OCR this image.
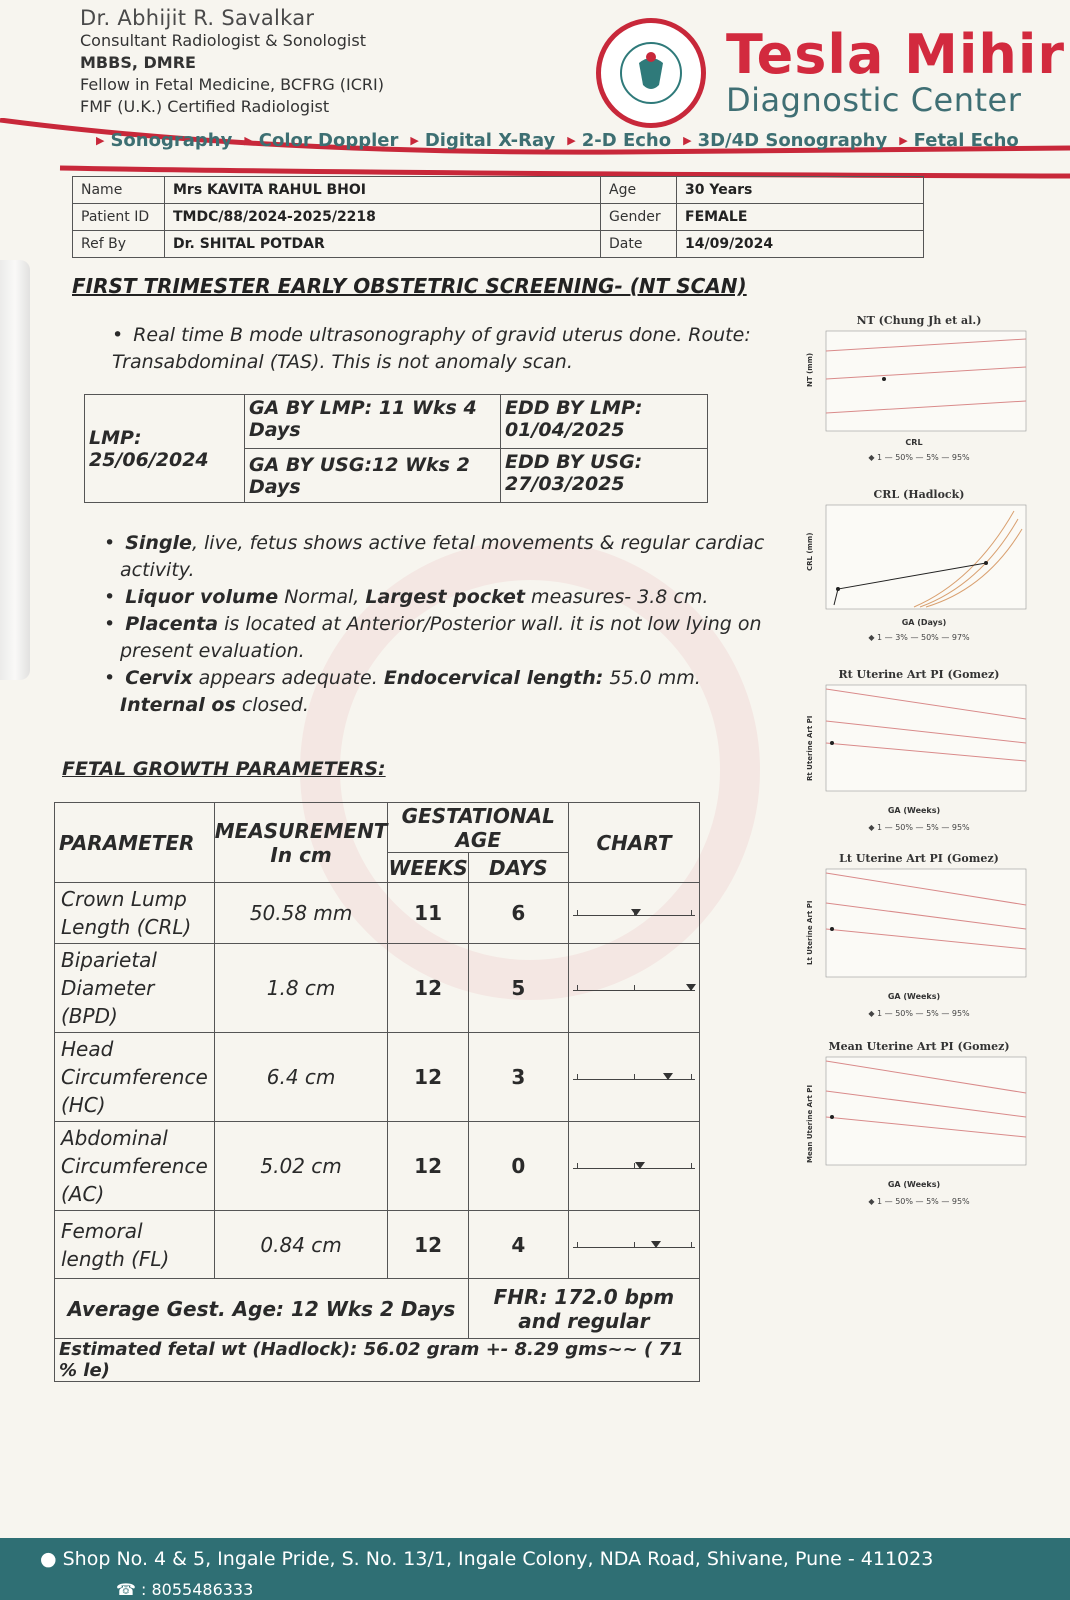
Dr. Abhijit R. Savalkar
Consultant Radiologist & Sonologist
MBBS, DMRE
Fellow in Fetal Medicine, BCFRG (ICRI)
FMF (U.K.) Certified Radiologist
Tesla Mihir
Diagnostic Center
▶ Sonography	▶ Color Doppler	▶ Digital X-Ray	▶ 2-D Echo	▶ 3D/4D Sonography	▶ Fetal Echo
Name	Mrs KAVITA RAHUL BHOI	Age	30 Years
Patient ID	TMDC/88/2024-2025/2218	Gender	FEMALE
Ref By	Dr. SHITAL POTDAR	Date	14/09/2024
FIRST TRIMESTER EARLY OBSTETRIC SCREENING- (NT SCAN)
• Real time B mode ultrasonography of gravid uterus done. Route: Transabdominal (TAS). This is not anomaly scan.
LMP: 25/06/2024	GA BY LMP: 11 Wks 4 Days	EDD BY LMP: 01/04/2025
	GA BY USG:12 Wks 2 Days	EDD BY USG: 27/03/2025
• Single, live, fetus shows active fetal movements & regular cardiac activity.
• Liquor volume Normal, Largest pocket measures- 3.8 cm.
• Placenta is located at Anterior/Posterior wall. it is not low lying on present evaluation.
• Cervix appears adequate. Endocervical length: 55.0 mm. Internal os closed.
FETAL GROWTH PARAMETERS:
PARAMETER	MEASUREMENT In cm	GESTATIONAL AGE		CHART
		WEEKS	DAYS	
Crown Lump Length (CRL)	50.58 mm	11	6	

Biparietal Diameter (BPD)	1.8 cm	12	5	

Head Circumference (HC)	6.4 cm	12	3	

Abdominal Circumference (AC)	5.02 cm	12	0	

Femoral length (FL)	0.84 cm	12	4	

Average Gest. Age: 12 Wks 2 Days			FHR: 172.0 bpm and regular	
Estimated fetal wt (Hadlock): 56.02 gram +- 8.29 gms~~ ( 71 % le)				
NT (Chung Jh et al.)
NT (mm)
CRL
◆ 1 — 50% — 5% — 95%
CRL (Hadlock)
CRL (mm)
GA (Days)
◆ 1 — 3% — 50% — 97%
Rt Uterine Art PI (Gomez)
Rt Uterine Art PI
GA (Weeks)
◆ 1 — 50% — 5% — 95%
Lt Uterine Art PI (Gomez)
Lt Uterine Art PI
GA (Weeks)
◆ 1 — 50% — 5% — 95%
Mean Uterine Art PI (Gomez)
Mean Uterine Art PI
GA (Weeks)
◆ 1 — 50% — 5% — 95%
● Shop No. 4 & 5, Ingale Pride, S. No. 13/1, Ingale Colony, NDA Road, Shivane, Pune - 411023
☎ : 8055486333
